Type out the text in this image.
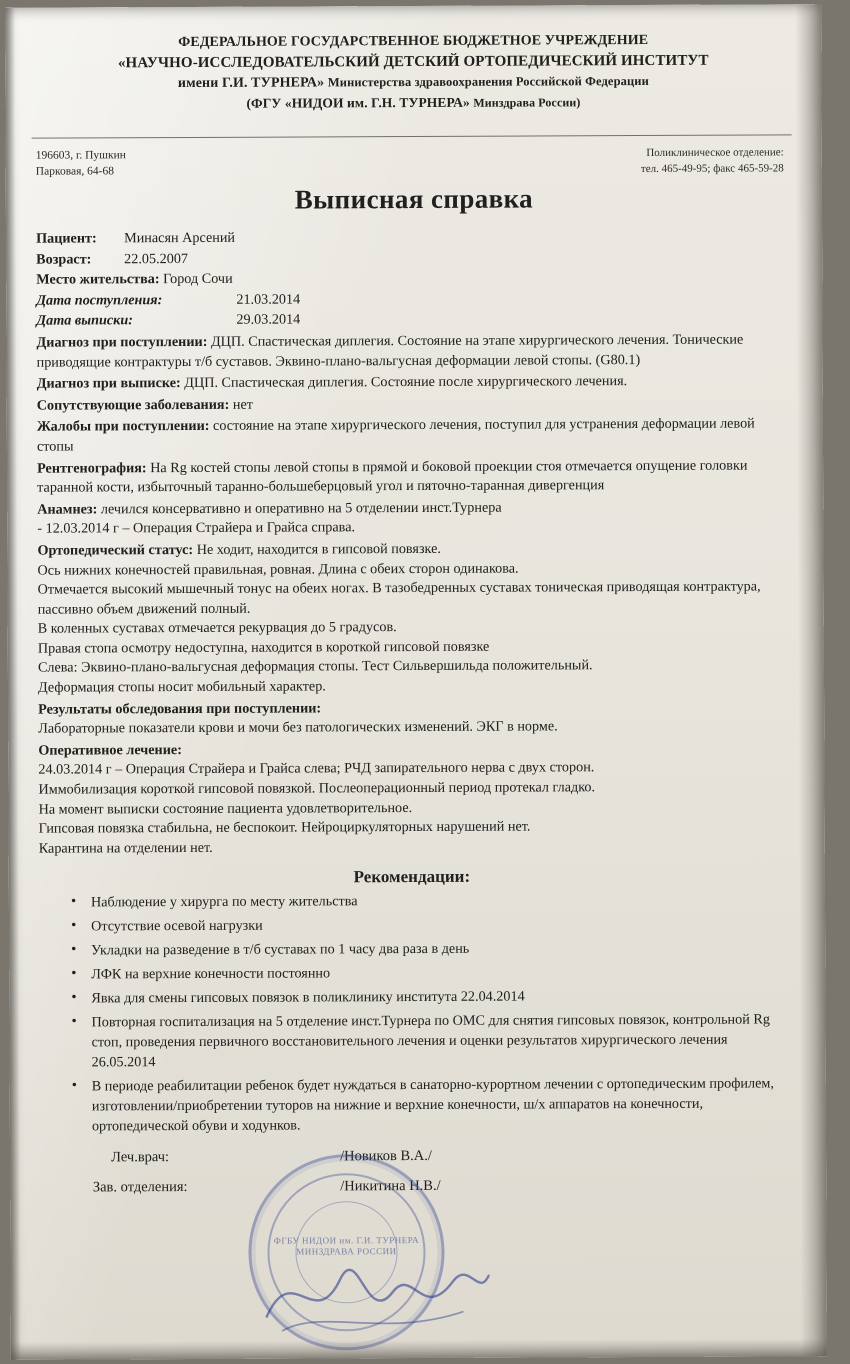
ФЕДЕРАЛЬНОЕ ГОСУДАРСТВЕННОЕ БЮДЖЕТНОЕ УЧРЕЖДЕНИЕ
«НАУЧНО-ИССЛЕДОВАТЕЛЬСКИЙ ДЕТСКИЙ ОРТОПЕДИЧЕСКИЙ ИНСТИТУТ
имени Г.И. ТУРНЕРА» Министерства здравоохранения Российской Федерации
(ФГУ «НИДОИ им. Г.Н. ТУРНЕРА» Минздрава России)
196603, г. Пушкин
Парковая, 64-68
Поликлиническое отделение:
тел. 465-49-95; факс 465-59-28
Выписная справка
Пациент:	Минасян Арсений
Возраст:	22.05.2007
Место жительства: Город Сочи
Дата поступления:	21.03.2014
Дата выписки:	29.03.2014
Диагноз при поступлении: ДЦП. Спастическая диплегия. Состояние на этапе хирургического лечения. Тонические приводящие контрактуры т/б суставов. Эквино-плано-вальгусная деформации левой стопы. (G80.1)
Диагноз при выписке: ДЦП. Спастическая диплегия. Состояние после хирургического лечения.
Сопутствующие заболевания: нет
Жалобы при поступлении: состояние на этапе хирургического лечения, поступил для устранения деформации левой стопы
Рентгенография: На Rg костей стопы левой стопы в прямой и боковой проекции стоя отмечается опущение головки таранной кости, избыточный таранно-большеберцовый угол и пяточно-таранная дивергенция
Анамнез: лечился консервативно и оперативно на 5 отделении инст.Турнера
- 12.03.2014 г – Операция Страйера и Грайса справа.
Ортопедический статус: Не ходит, находится в гипсовой повязке.
Ось нижних конечностей правильная, ровная. Длина с обеих сторон одинакова.
Отмечается высокий мышечный тонус на обеих ногах. В тазобедренных суставах тоническая приводящая контрактура, пассивно объем движений полный.
В коленных суставах отмечается рекурвация до 5 градусов.
Правая стопа осмотру недоступна, находится в короткой гипсовой повязке
Слева: Эквино-плано-вальгусная деформация стопы. Тест Сильвершильда положительный.
Деформация стопы носит мобильный характер.
Результаты обследования при поступлении:
Лабораторные показатели крови и мочи без патологических изменений. ЭКГ в норме.
Оперативное лечение:
24.03.2014 г – Операция Страйера и Грайса слева; РЧД запирательного нерва с двух сторон.
Иммобилизация короткой гипсовой повязкой. Послеоперационный период протекал гладко.
На момент выписки состояние пациента удовлетворительное.
Гипсовая повязка стабильна, не беспокоит. Нейроциркуляторных нарушений нет.
Карантина на отделении нет.
Рекомендации:
• Наблюдение у хирурга по месту жительства
• Отсутствие осевой нагрузки
• Укладки на разведение в т/б суставах по 1 часу два раза в день
• ЛФК на верхние конечности постоянно
• Явка для смены гипсовых повязок в поликлинику института 22.04.2014
• Повторная госпитализация на 5 отделение инст.Турнера по ОМС для снятия гипсовых повязок, контрольной Rg стоп, проведения первичного восстановительного лечения и оценки результатов хирургического лечения 26.05.2014
• В периоде реабилитации ребенок будет нуждаться в санаторно-курортном лечении с ортопедическим профилем, изготовлении/приобретении туторов на нижние и верхние конечности, ш/х аппаратов на конечности, ортопедической обуви и ходунков.
Леч.врач:	/Новиков В.А./
Зав. отделения:	/Никитина Н.В./
ФГБУ НИДОИ им. Г.И. ТУРНЕРА МИНЗДРАВА РОССИИ
